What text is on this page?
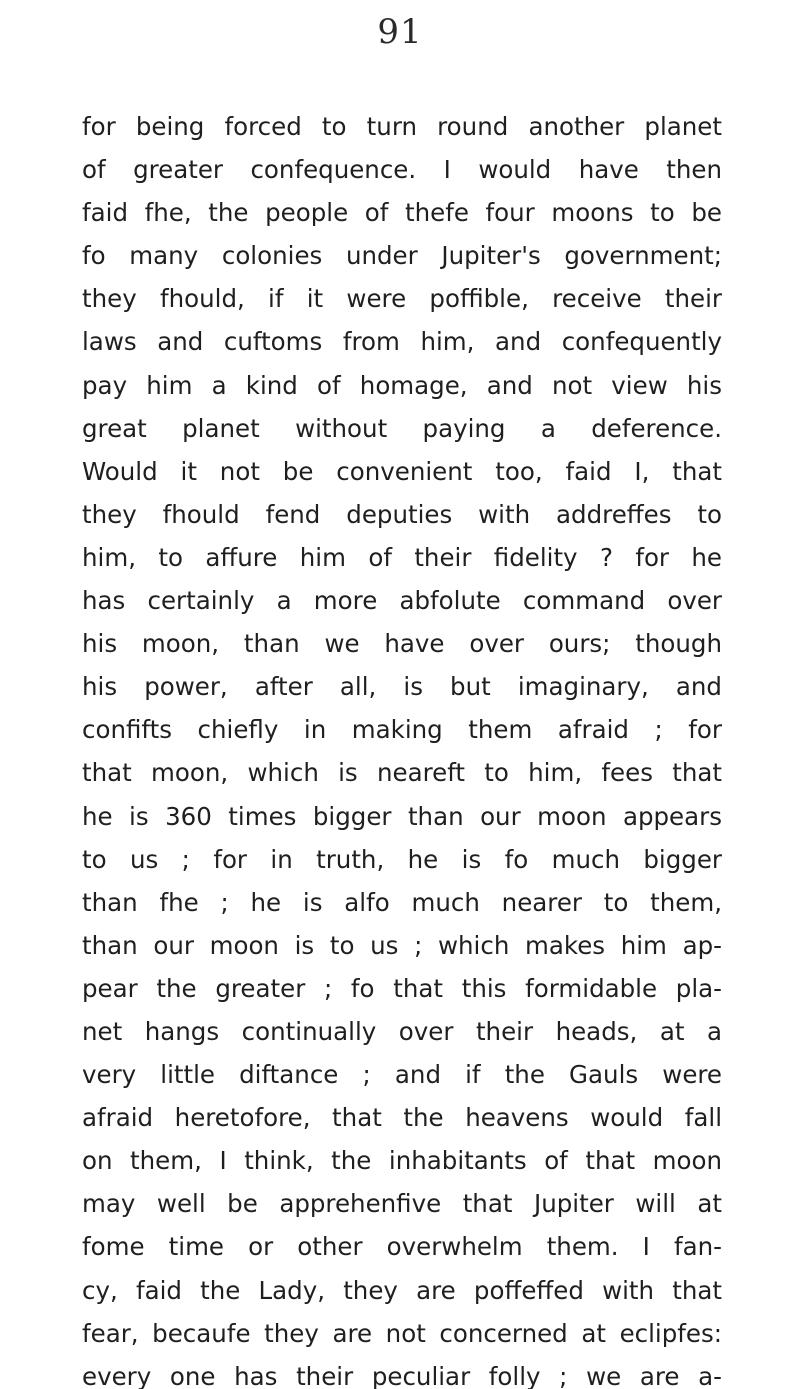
91
for being forced to turn round another planet
of greater confequence. I would have then
faid fhe, the people of thefe four moons to be
fo many colonies under Jupiter's government;
they fhould, if it were poffible, receive their
laws and cuftoms from him, and confequently
pay him a kind of homage, and not view his
great planet without paying a deference.
Would it not be convenient too, faid I, that
they fhould fend deputies with addreffes to
him, to affure him of their fidelity ? for he
has certainly a more abfolute command over
his moon, than we have over ours; though
his power, after all, is but imaginary, and
confifts chiefly in making them afraid ; for
that moon, which is neareft to him, fees that
he is 360 times bigger than our moon appears
to us ; for in truth, he is fo much bigger
than fhe ; he is alfo much nearer to them,
than our moon is to us ; which makes him ap-
pear the greater ; fo that this formidable pla-
net hangs continually over their heads, at a
very little diftance ; and if the Gauls were
afraid heretofore, that the heavens would fall
on them, I think, the inhabitants of that moon
may well be apprehenfive that Jupiter will at
fome time or other overwhelm them. I fan-
cy, faid the Lady, they are poffeffed with that
fear, becaufe they are not concerned at eclipfes:
every one has their peculiar folly ; we are a-
